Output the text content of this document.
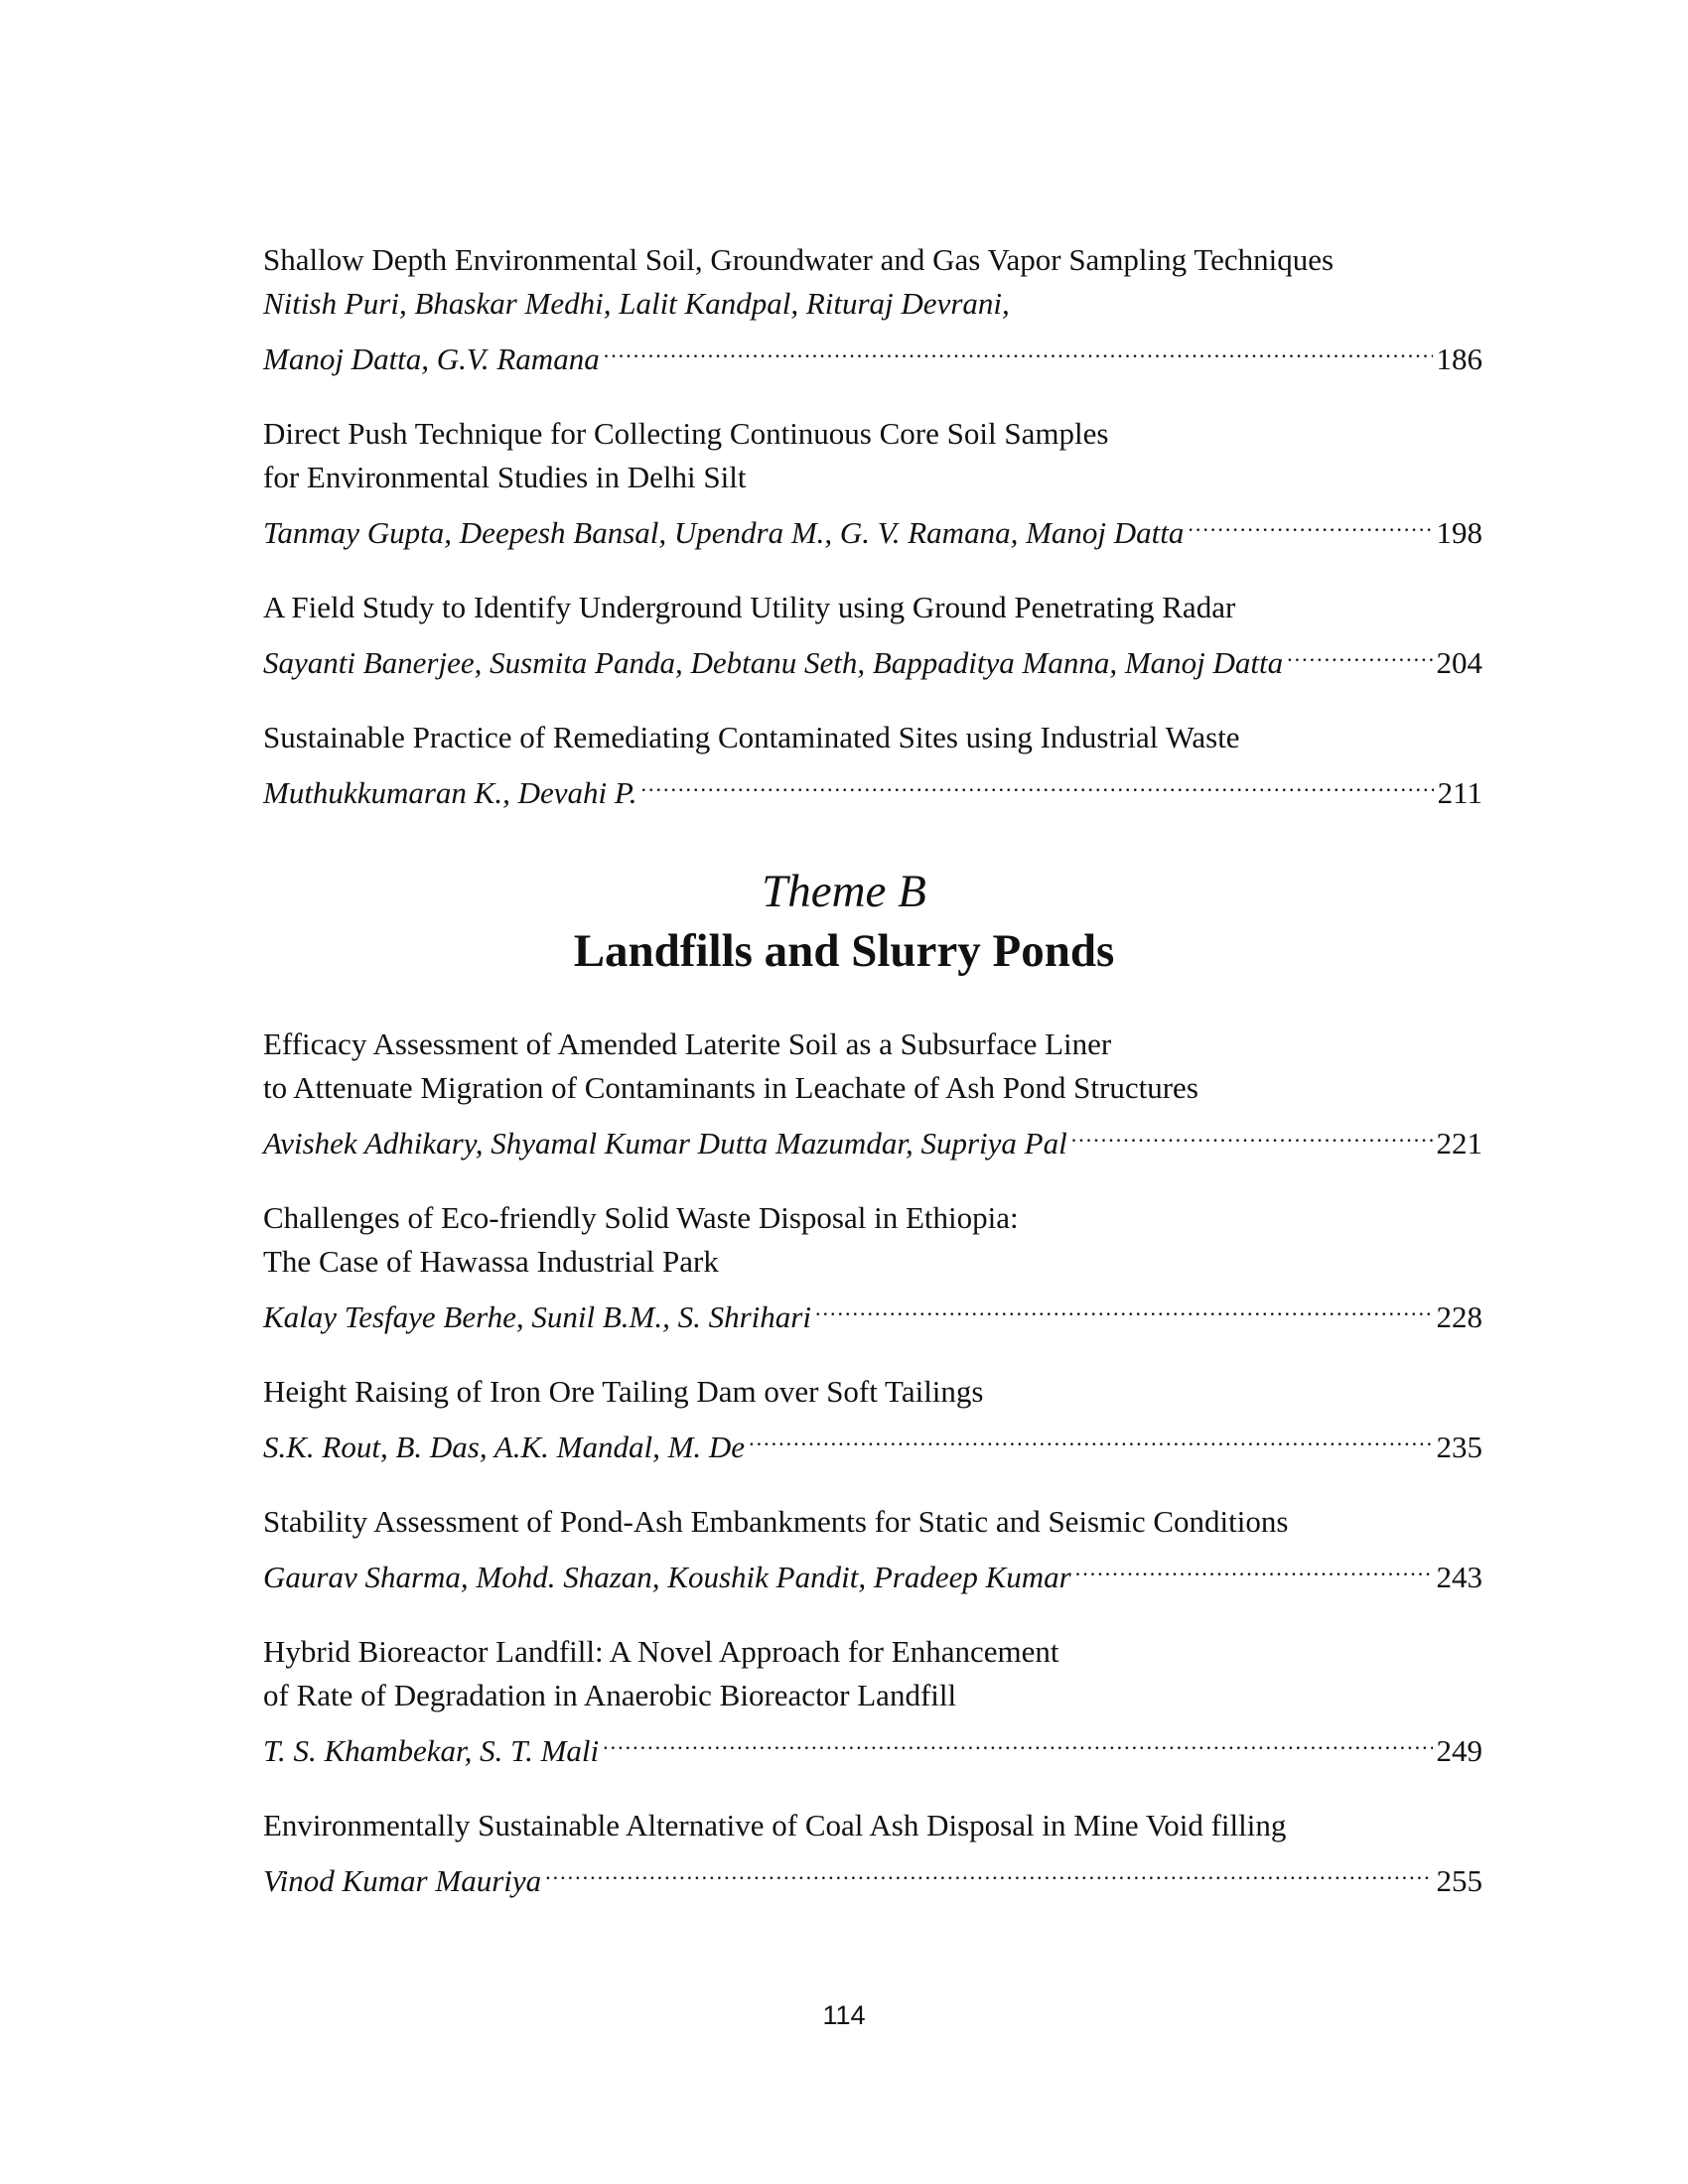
Shallow Depth Environmental Soil, Groundwater and Gas Vapor Sampling Techniques
Nitish Puri, Bhaskar Medhi, Lalit Kandpal, Rituraj Devrani,
Manoj Datta, G.V. Ramana .....	186
Direct Push Technique for Collecting Continuous Core Soil Samples
for Environmental Studies in Delhi Silt
Tanmay Gupta, Deepesh Bansal, Upendra M., G. V. Ramana, Manoj Datta .....	198
A Field Study to Identify Underground Utility using Ground Penetrating Radar
Sayanti Banerjee, Susmita Panda, Debtanu Seth, Bappaditya Manna, Manoj Datta .....	204
Sustainable Practice of Remediating Contaminated Sites using Industrial Waste
Muthukkumaran K., Devahi P. .....	211
Theme B
Landfills and Slurry Ponds
Efficacy Assessment of Amended Laterite Soil as a Subsurface Liner
to Attenuate Migration of Contaminants in Leachate of Ash Pond Structures
Avishek Adhikary, Shyamal Kumar Dutta Mazumdar, Supriya Pal .....	221
Challenges of Eco-friendly Solid Waste Disposal in Ethiopia:
The Case of Hawassa Industrial Park
Kalay Tesfaye Berhe, Sunil B.M., S. Shrihari .....	228
Height Raising of Iron Ore Tailing Dam over Soft Tailings
S.K. Rout, B. Das, A.K. Mandal, M. De .....	235
Stability Assessment of Pond-Ash Embankments for Static and Seismic Conditions
Gaurav Sharma, Mohd. Shazan, Koushik Pandit, Pradeep Kumar .....	243
Hybrid Bioreactor Landfill: A Novel Approach for Enhancement
of Rate of Degradation in Anaerobic Bioreactor Landfill
T. S. Khambekar, S. T. Mali .....	249
Environmentally Sustainable Alternative of Coal Ash Disposal in Mine Void filling
Vinod Kumar Mauriya .....	255
114
